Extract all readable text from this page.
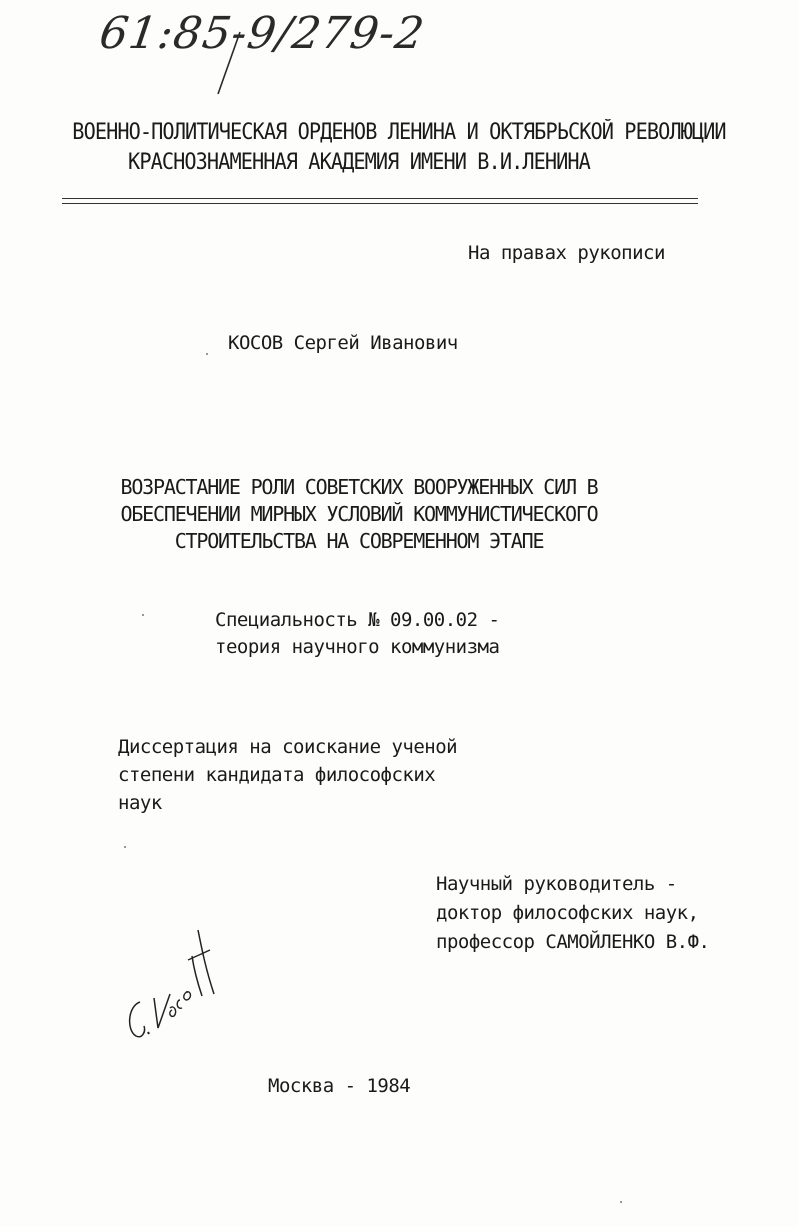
61:85-9/279-2
ВОЕННО-ПОЛИТИЧЕСКАЯ ОРДЕНОВ ЛЕНИНА И ОКТЯБРЬСКОЙ РЕВОЛЮЦИИ
КРАСНОЗНАМЕННАЯ АКАДЕМИЯ ИМЕНИ В.И.ЛЕНИНА
На правах рукописи
КОСОВ Сергей Иванович
ВОЗРАСТАНИЕ РОЛИ СОВЕТСКИХ ВООРУЖЕННЫХ СИЛ В
ОБЕСПЕЧЕНИИ МИРНЫХ УСЛОВИЙ КОММУНИСТИЧЕСКОГО
СТРОИТЕЛЬСТВА НА СОВРЕМЕННОМ ЭТАПЕ
Специальность № 09.00.02 -
теория научного коммунизма
Диссертация на соискание ученой
степени кандидата философских
наук
Научный руководитель -
доктор философских наук,
профессор САМОЙЛЕНКО В.Ф.
Москва - 1984
